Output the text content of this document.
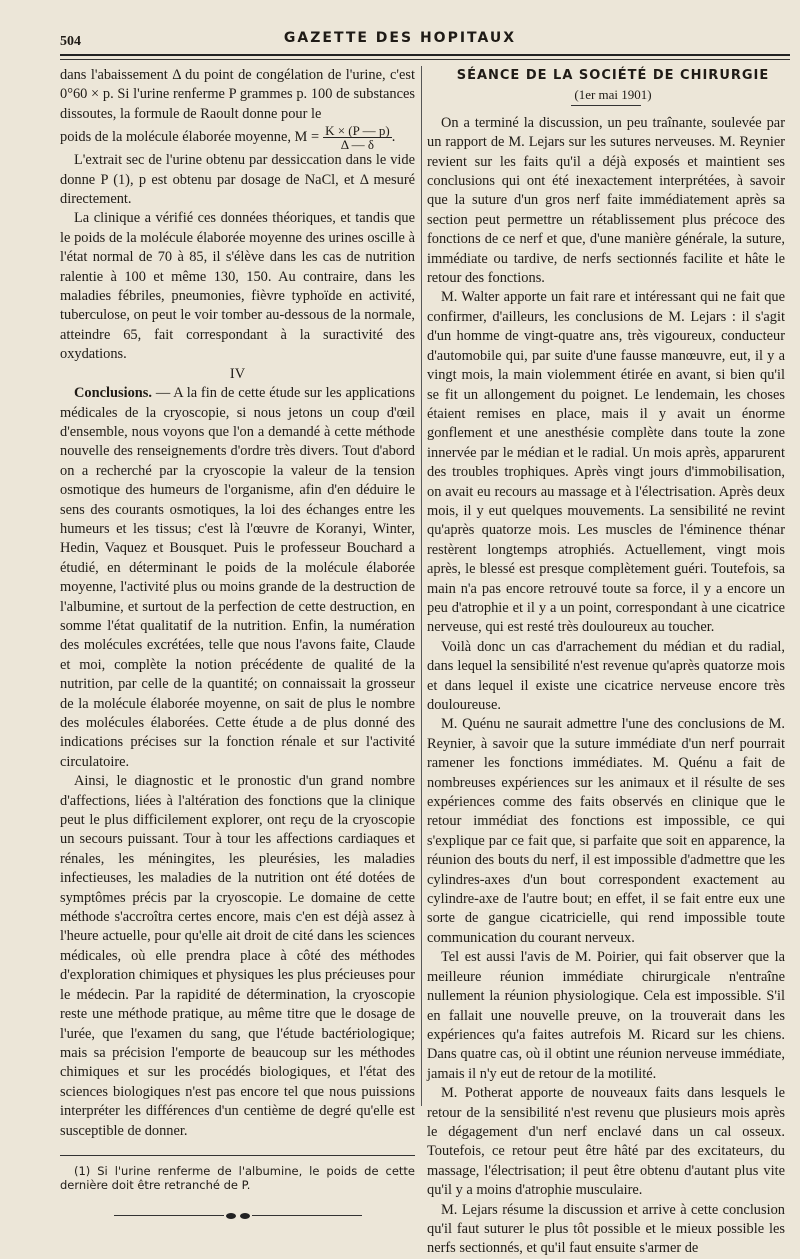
504	GAZETTE DES HOPITAUX

dans l'abaissement Δ du point de congélation de l'urine, c'est 0°60 × p. Si l'urine renferme P grammes p. 100 de substances dissoutes, la formule de Raoult donne pour le

poids de la molécule élaborée moyenne, $M = \frac{K \times (P — p)}{\Delta — \delta}$ .

L'extrait sec de l'urine obtenu par dessiccation dans le vide donne P (1), p est obtenu par dosage de NaCl, et Δ mesuré directement.

La clinique a vérifié ces données théoriques, et tandis que le poids de la molécule élaborée moyenne des urines oscille à l'état normal de 70 à 85, il s'élève dans les cas de nutrition ralentie à 100 et même 130, 150. Au contraire, dans les maladies fébriles, pneumonies, fièvre typhoïde en activité, tuberculose, on peut le voir tomber au-dessous de la normale, atteindre 65, fait correspondant à la suractivité des oxydations.

IV

Conclusions. — A la fin de cette étude sur les applications médicales de la cryoscopie, si nous jetons un coup d'œil d'ensemble, nous voyons que l'on a demandé à cette méthode nouvelle des renseignements d'ordre très divers. Tout d'abord on a recherché par la cryoscopie la valeur de la tension osmotique des humeurs de l'organisme, afin d'en déduire le sens des courants osmotiques, la loi des échanges entre les humeurs et les tissus; c'est là l'œuvre de Koranyi, Winter, Hedin, Vaquez et Bousquet. Puis le professeur Bouchard a étudié, en déterminant le poids de la molécule élaborée moyenne, l'activité plus ou moins grande de la destruction de l'albumine, et surtout de la perfection de cette destruction, en somme l'état qualitatif de la nutrition. Enfin, la numération des molécules excrétées, telle que nous l'avons faite, Claude et moi, complète la notion précédente de qualité de la nutrition, par celle de la quantité; on connaissait la grosseur de la molécule élaborée moyenne, on sait de plus le nombre des molécules élaborées. Cette étude a de plus donné des indications précises sur la fonction rénale et sur l'activité circulatoire.

Ainsi, le diagnostic et le pronostic d'un grand nombre d'affections, liées à l'altération des fonctions que la clinique peut le plus difficilement explorer, ont reçu de la cryoscopie un secours puissant. Tour à tour les affections cardiaques et rénales, les méningites, les pleurésies, les maladies infectieuses, les maladies de la nutrition ont été dotées de symptômes précis par la cryoscopie. Le domaine de cette méthode s'accroîtra certes encore, mais c'en est déjà assez à l'heure actuelle, pour qu'elle ait droit de cité dans les sciences médicales, où elle prendra place à côté des méthodes d'exploration chimiques et physiques les plus précieuses pour le médecin. Par la rapidité de détermination, la cryoscopie reste une méthode pratique, au même titre que le dosage de l'urée, que l'examen du sang, que l'étude bactériologique; mais sa précision l'emporte de beaucoup sur les méthodes chimiques et sur les procédés biologiques, et l'état des sciences biologiques n'est pas encore tel que nous puissions interpréter les différences d'un centième de degré qu'elle est susceptible de donner.

(1) Si l'urine renferme de l'albumine, le poids de cette dernière doit être retranché de P.

SÉANCE DE LA SOCIÉTÉ DE CHIRURGIE

(1er mai 1901)

On a terminé la discussion, un peu traînante, soulevée par un rapport de M. Lejars sur les sutures nerveuses. M. Reynier revient sur les faits qu'il a déjà exposés et maintient ses conclusions qui ont été inexactement interprétées, à savoir que la suture d'un gros nerf faite immédiatement après sa section peut permettre un rétablissement plus précoce des fonctions de ce nerf et que, d'une manière générale, la suture, immédiate ou tardive, de nerfs sectionnés facilite et hâte le retour des fonctions.

M. Walter apporte un fait rare et intéressant qui ne fait que confirmer, d'ailleurs, les conclusions de M. Lejars : il s'agit d'un homme de vingt-quatre ans, très vigoureux, conducteur d'automobile qui, par suite d'une fausse manœuvre, eut, il y a vingt mois, la main violemment étirée en avant, si bien qu'il se fit un allongement du poignet. Le lendemain, les choses étaient remises en place, mais il y avait un énorme gonflement et une anesthésie complète dans toute la zone innervée par le médian et le radial. Un mois après, apparurent des troubles trophiques. Après vingt jours d'immobilisation, on avait eu recours au massage et à l'électrisation. Après deux mois, il y eut quelques mouvements. La sensibilité ne revint qu'après quatorze mois. Les muscles de l'éminence thénar restèrent longtemps atrophiés. Actuellement, vingt mois après, le blessé est presque complètement guéri. Toutefois, sa main n'a pas encore retrouvé toute sa force, il y a encore un peu d'atrophie et il y a un point, correspondant à une cicatrice nerveuse, qui est resté très douloureux au toucher.

Voilà donc un cas d'arrachement du médian et du radial, dans lequel la sensibilité n'est revenue qu'après quatorze mois et dans lequel il existe une cicatrice nerveuse encore très douloureuse.

M. Quénu ne saurait admettre l'une des conclusions de M. Reynier, à savoir que la suture immédiate d'un nerf pourrait ramener les fonctions immédiates. M. Quénu a fait de nombreuses expériences sur les animaux et il résulte de ses expériences comme des faits observés en clinique que le retour immédiat des fonctions est impossible, ce qui s'explique par ce fait que, si parfaite que soit en apparence, la réunion des bouts du nerf, il est impossible d'admettre que les cylindres-axes d'un bout correspondent exactement au cylindre-axe de l'autre bout; en effet, il se fait entre eux une sorte de gangue cicatricielle, qui rend impossible toute communication du courant nerveux.

Tel est aussi l'avis de M. Poirier, qui fait observer que la meilleure réunion immédiate chirurgicale n'entraîne nullement la réunion physiologique. Cela est impossible. S'il en fallait une nouvelle preuve, on la trouverait dans les expériences qu'a faites autrefois M. Ricard sur les chiens. Dans quatre cas, où il obtint une réunion nerveuse immédiate, jamais il n'y eut de retour de la motilité.

M. Potherat apporte de nouveaux faits dans lesquels le retour de la sensibilité n'est revenu que plusieurs mois après le dégagement d'un nerf enclavé dans un cal osseux. Toutefois, ce retour peut être hâté par des excitateurs, du massage, l'électrisation; il peut être obtenu d'autant plus vite qu'il y a moins d'atrophie musculaire.

M. Lejars résume la discussion et arrive à cette conclusion qu'il faut suturer le plus tôt possible et le mieux possible les nerfs sectionnés, et qu'il faut ensuite s'armer de
